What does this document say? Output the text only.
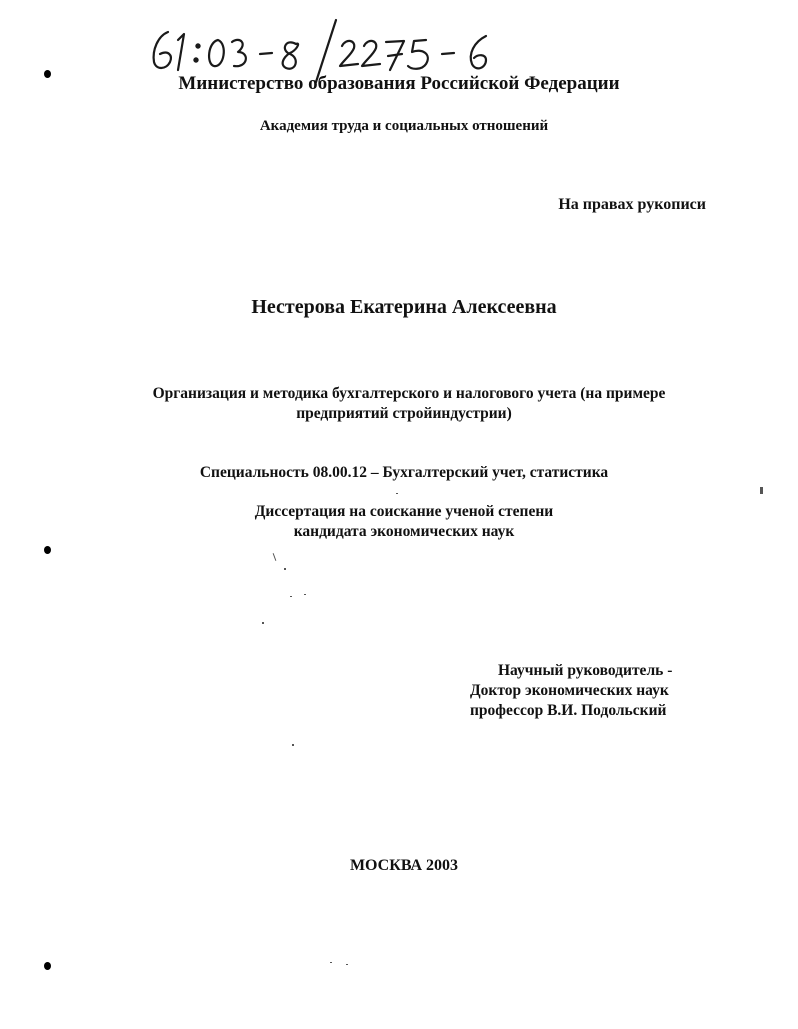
Министерство образования Российской Федерации
Академия труда и социальных отношений
На правах рукописи
Нестерова Екатерина Алексеевна
Организация и методика бухгалтерского и налогового учета (на примере
предприятий стройиндустрии)
Специальность 08.00.12 – Бухгалтерский учет, статистика
Диссертация на соискание ученой степени
кандидата экономических наук
Научный руководитель -
Доктор экономических наук
профессор В.И. Подольский
МОСКВА 2003
